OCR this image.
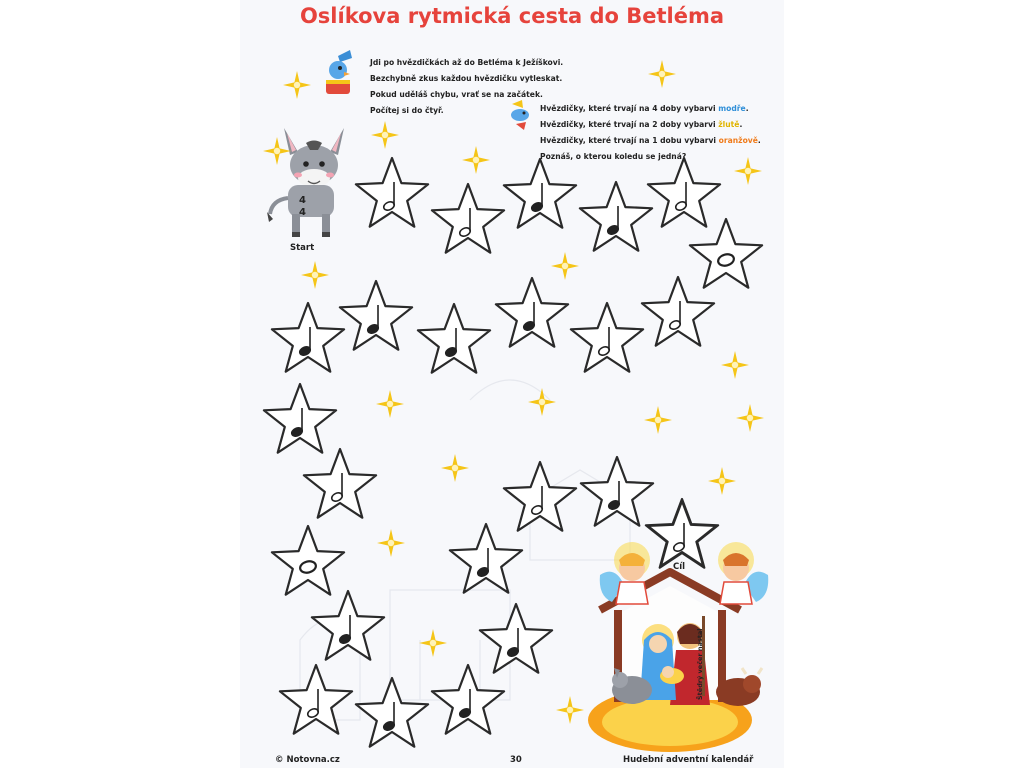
4
4
Oslíkova rytmická cesta do Betléma
Jdi po hvězdičkách až do Betléma k Ježíškovi.
Bezchybně zkus každou hvězdičku vytleskat.
Pokud uděláš chybu, vrať se na začátek.
Počítej si do čtyř.	Hvězdičky, které trvají na 4 doby vybarvi modře.
Hvězdičky, které trvají na 2 doby vybarvi žlutě.
Hvězdičky, které trvají na 1 dobu vybarvi oranžově.
Poznáš, o kterou koledu se jedná?
Start
Cíl
Štědrý večer nastal
© Notovna.cz	30	Hudební adventní kalendář
